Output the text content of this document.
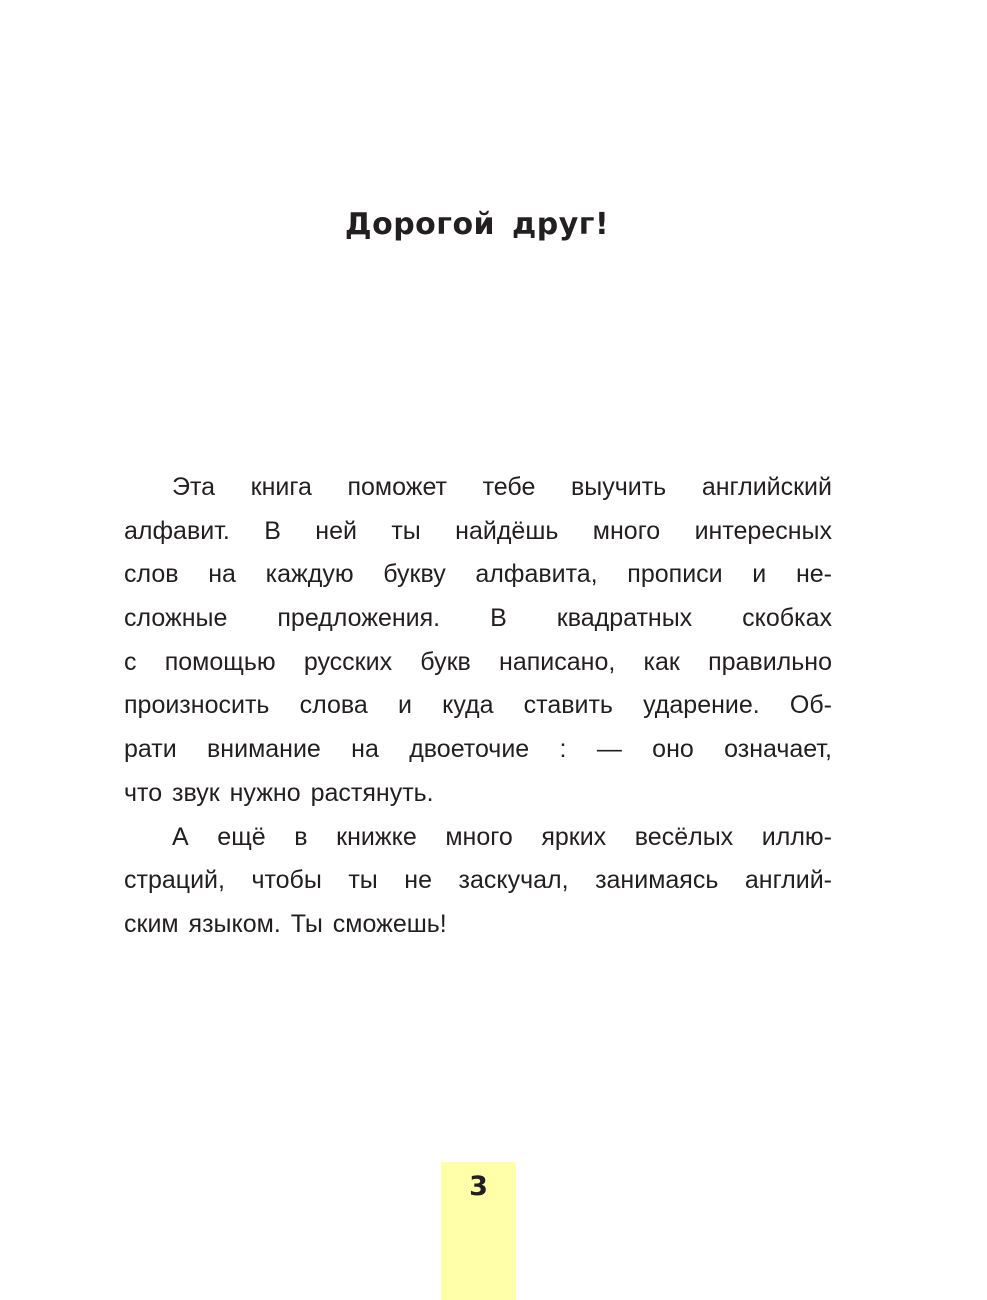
Дорогой друг!
Эта книга поможет тебе выучить английский
алфавит. В ней ты найдёшь много интересных
слов на каждую букву алфавита, прописи и не-
сложные предложения. В квадратных скобках
с помощью русских букв написано, как правильно
произносить слова и куда ставить ударение. Об-
рати внимание на двоеточие : — оно означает,
что звук нужно растянуть.
А ещё в книжке много ярких весёлых иллю-
страций, чтобы ты не заскучал, занимаясь англий-
ским языком. Ты сможешь!
3
